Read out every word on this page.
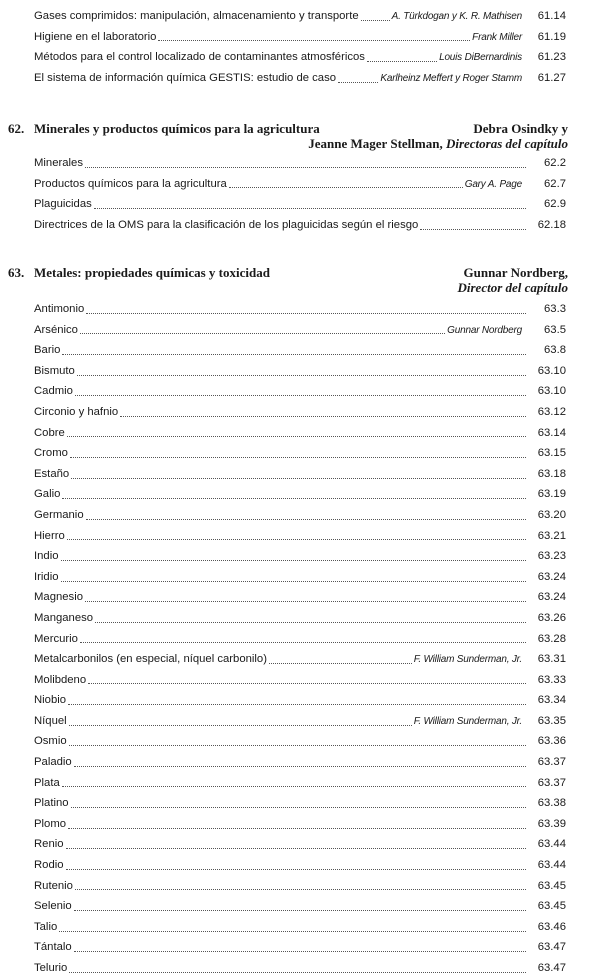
Gases comprimidos: manipulación, almacenamiento y transporte	A. Türkdogan y K. R. Mathisen	61.14
Higiene en el laboratorio	Frank Miller	61.19
Métodos para el control localizado de contaminantes atmosféricos	Louis DiBernardinis	61.23
El sistema de información química GESTIS: estudio de caso	Karlheinz Meffert y Roger Stamm	61.27
62. Minerales y productos químicos para la agricultura	Debra Osindky y
Jeanne Mager Stellman, Directoras del capítulo
Minerales	62.2
Productos químicos para la agricultura	Gary A. Page	62.7
Plaguicidas	62.9
Directrices de la OMS para la clasificación de los plaguicidas según el riesgo	62.18
63. Metales: propiedades químicas y toxicidad	Gunnar Nordberg,
Director del capítulo
Antimonio	63.3
Arsénico	Gunnar Nordberg	63.5
Bario	63.8
Bismuto	63.10
Cadmio	63.10
Circonio y hafnio	63.12
Cobre	63.14
Cromo	63.15
Estaño	63.18
Galio	63.19
Germanio	63.20
Hierro	63.21
Indio	63.23
Iridio	63.24
Magnesio	63.24
Manganeso	63.26
Mercurio	63.28
Metalcarbonilos (en especial, níquel carbonilo)	F. William Sunderman, Jr.	63.31
Molibdeno	63.33
Niobio	63.34
Níquel	F. William Sunderman, Jr.	63.35
Osmio	63.36
Paladio	63.37
Plata	63.37
Platino	63.38
Plomo	63.39
Renio	63.44
Rodio	63.44
Rutenio	63.45
Selenio	63.45
Talio	63.46
Tántalo	63.47
Telurio	63.47
